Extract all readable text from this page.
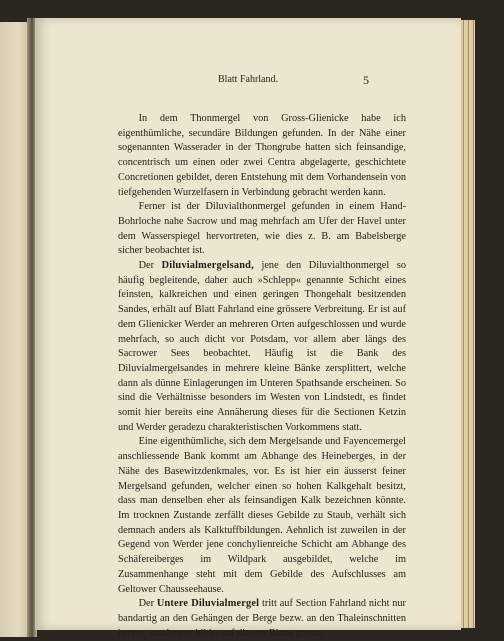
Blatt Fahrland.	5

In dem Thonmergel von Gross-Glienicke habe ich eigenthümliche, secundäre Bildungen gefunden. In der Nähe einer sogenannten Wasserader in der Thongrube hatten sich feinsandige, concentrisch um einen oder zwei Centra abgelagerte, geschichtete Concretionen gebildet, deren Entstehung mit dem Vorhandensein von tiefgehenden Wurzelfasern in Verbindung gebracht werden kann.

Ferner ist der Diluvialthonmergel gefunden in einem Hand-Bohrloche nahe Sacrow und mag mehrfach am Ufer der Havel unter dem Wasserspiegel hervortreten, wie dies z. B. am Babelsberge sicher beobachtet ist.

Der Diluvialmergelsand, jene den Diluvialthonmergel so häufig begleitende, daher auch »Schlepp« genannte Schicht eines feinsten, kalkreichen und einen geringen Thongehalt besitzenden Sandes, erhält auf Blatt Fahrland eine grössere Verbreitung. Er ist auf dem Glienicker Werder an mehreren Orten aufgeschlossen und wurde mehrfach, so auch dicht vor Potsdam, vor allem aber längs des Sacrower Sees beobachtet. Häufig ist die Bank des Diluvialmergelsandes in mehrere kleine Bänke zersplittert, welche dann als dünne Einlagerungen im Unteren Spathsande erscheinen. So sind die Verhältnisse besonders im Westen von Lindstedt, es findet somit hier bereits eine Annäherung dieses für die Sectionen Ketzin und Werder geradezu charakteristischen Vorkommens statt.

Eine eigenthümliche, sich dem Mergelsande und Fayencemergel anschliessende Bank kommt am Abhange des Heineberges, in der Nähe des Basewitzdenkmales, vor. Es ist hier ein äusserst feiner Mergelsand gefunden, welcher einen so hohen Kalkgehalt besitzt, dass man denselben eher als feinsandigen Kalk bezeichnen könnte. Im trocknen Zustande zerfällt dieses Gebilde zu Staub, verhält sich demnach anders als Kalktuffbildungen. Aehnlich ist zuweilen in der Gegend von Werder jene conchylienreiche Schicht am Abhange des Schäfereiberges im Wildpark ausgebildet, welche im Zusammenhange steht mit dem Gebilde des Aufschlusses am Geltower Chausseehause.

Der Untere Diluvialmergel tritt auf Section Fahrland nicht nur bandartig an den Gehängen der Berge bezw. an den Thaleinschnitten hervor, sondern er bildet auf diesem Blatte grosse
